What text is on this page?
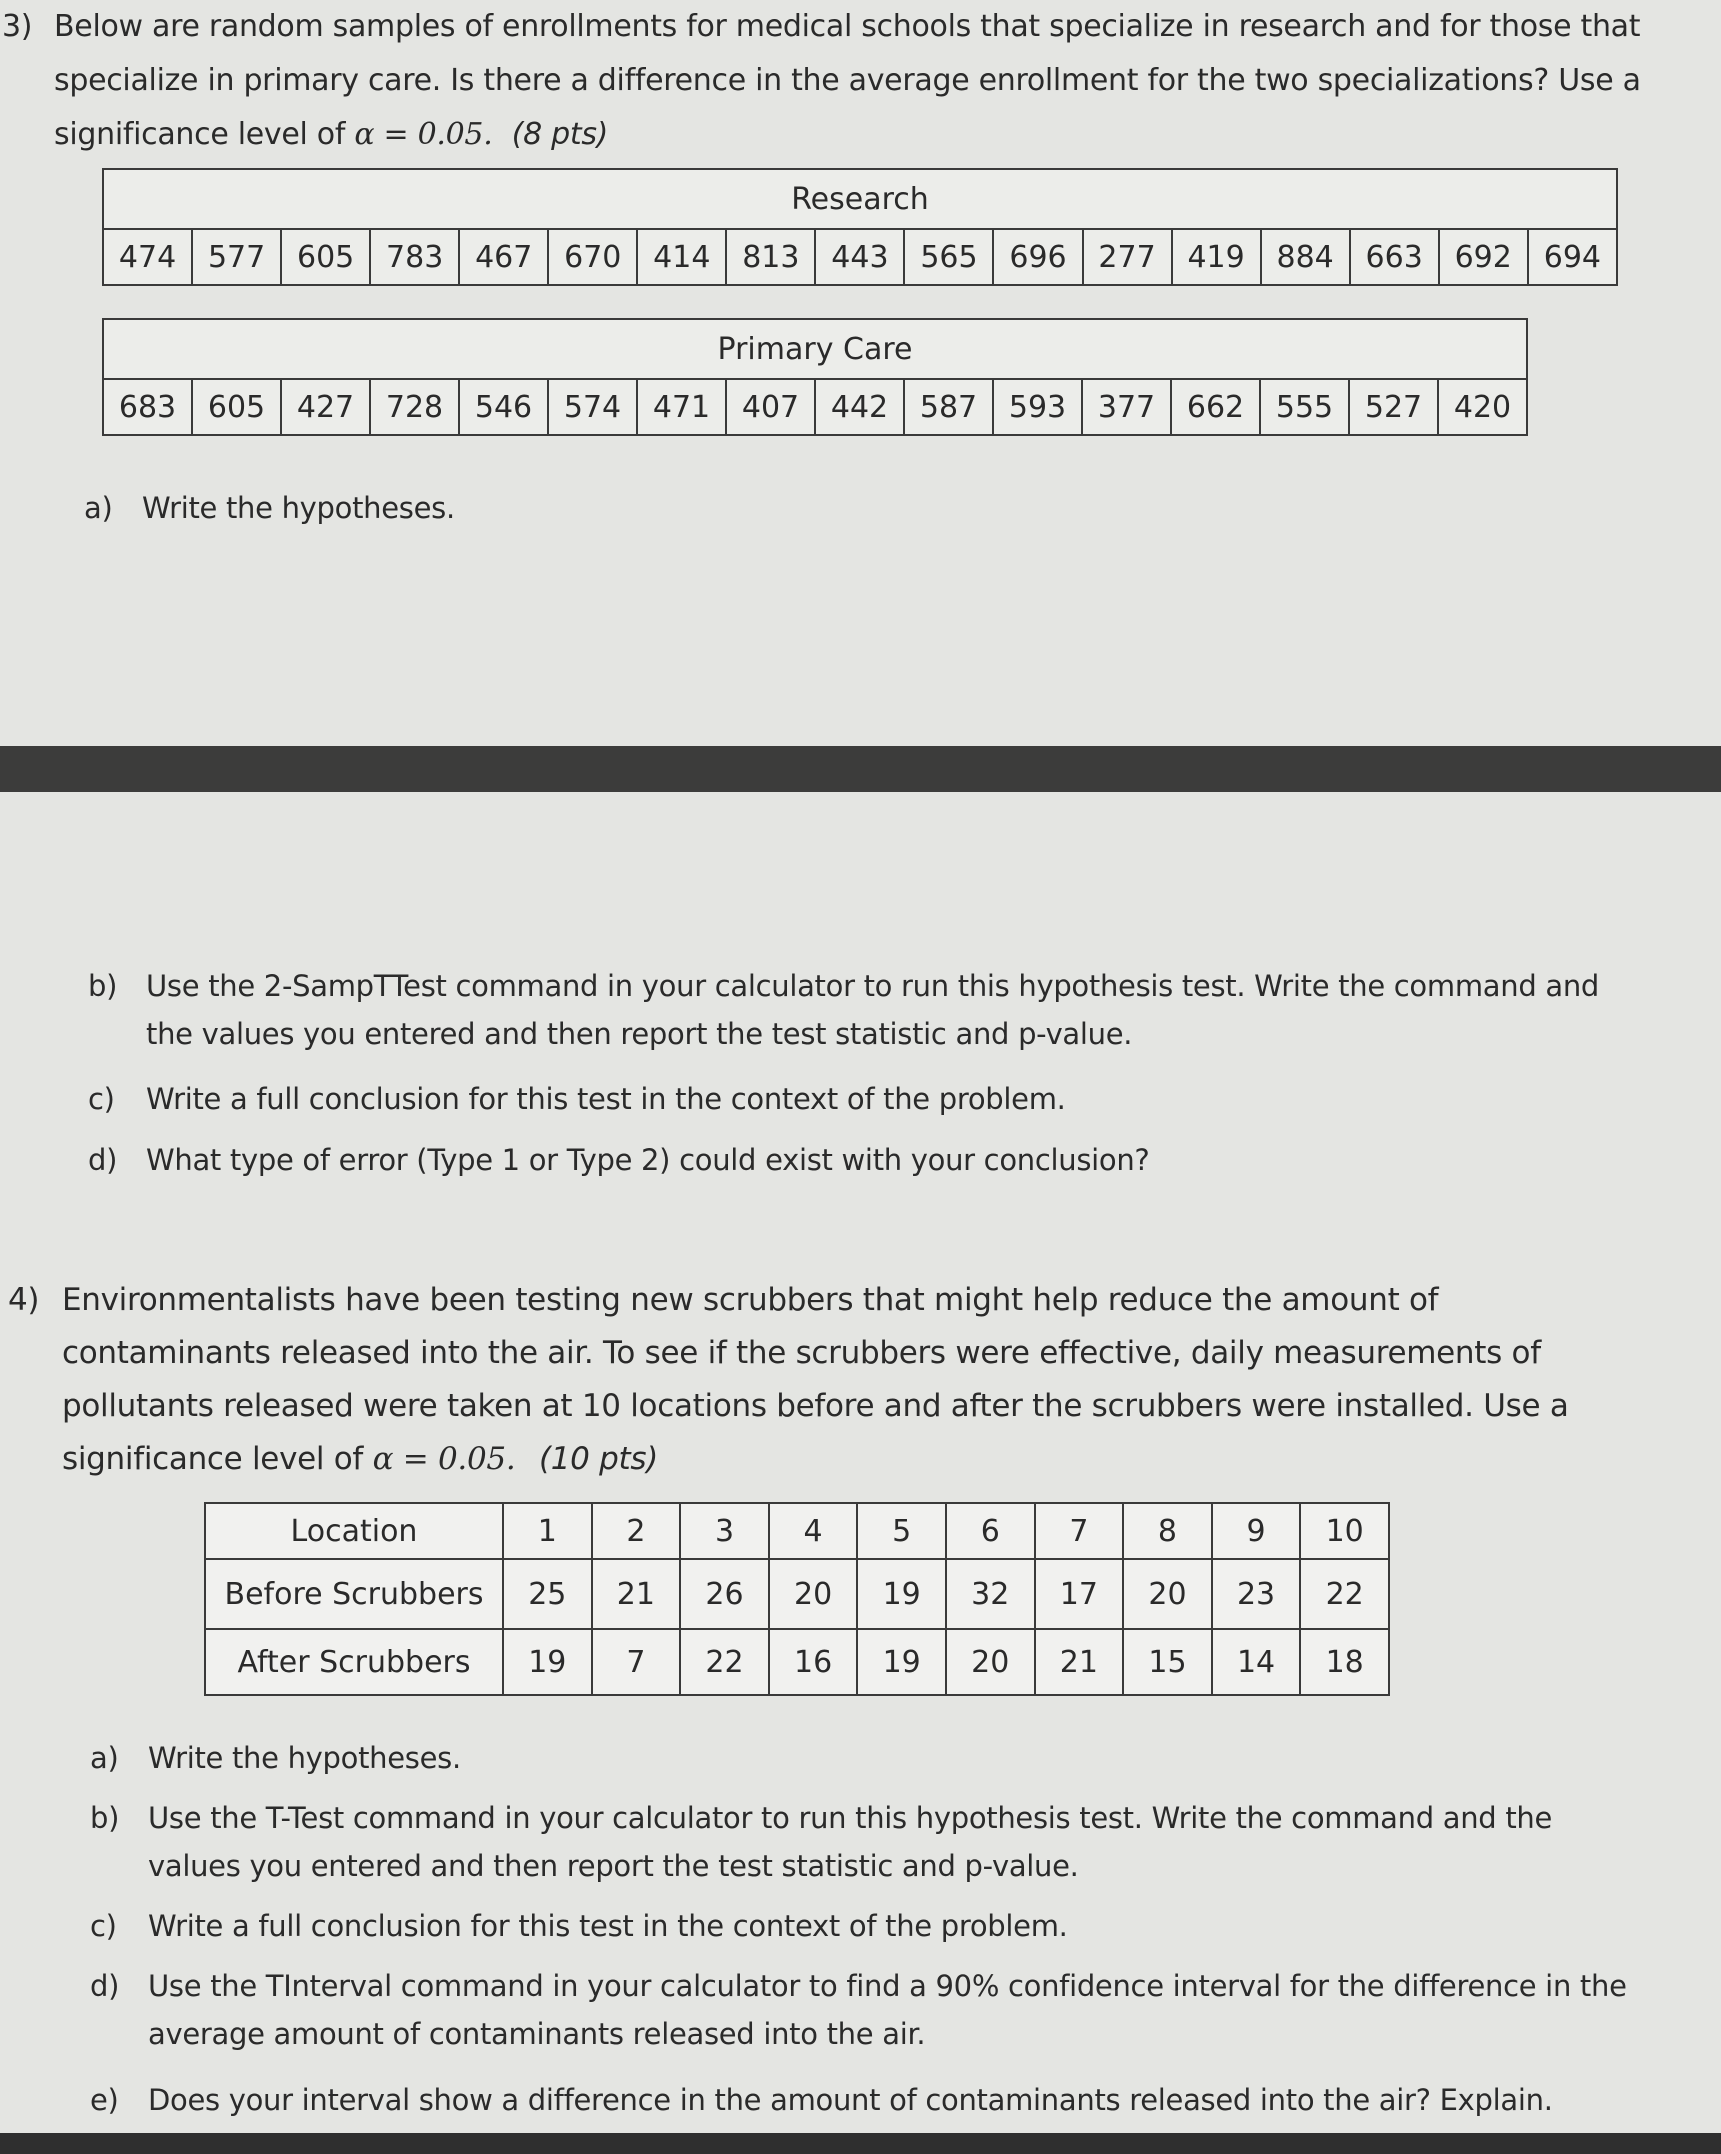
3) Below are random samples of enrollments for medical schools that specialize in research and for those that
specialize in primary care. Is there a difference in the average enrollment for the two specializations? Use a
significance level of α = 0.05. (8 pts)
Research
474	577	605	783	467	670	414	813	443	565	696	277	419	884	663	692	694
Primary Care
683	605	427	728	546	574	471	407	442	587	593	377	662	555	527	420
a) Write the hypotheses.
b) Use the 2-SampTTest command in your calculator to run this hypothesis test. Write the command and
the values you entered and then report the test statistic and p-value.
c) Write a full conclusion for this test in the context of the problem.
d) What type of error (Type 1 or Type 2) could exist with your conclusion?
4) Environmentalists have been testing new scrubbers that might help reduce the amount of
contaminants released into the air. To see if the scrubbers were effective, daily measurements of
pollutants released were taken at 10 locations before and after the scrubbers were installed. Use a
significance level of α = 0.05. (10 pts)
Location	1	2	3	4	5	6	7	8	9	10
Before Scrubbers	25	21	26	20	19	32	17	20	23	22
After Scrubbers	19	7	22	16	19	20	21	15	14	18
a) Write the hypotheses.
b) Use the T-Test command in your calculator to run this hypothesis test. Write the command and the
values you entered and then report the test statistic and p-value.
c) Write a full conclusion for this test in the context of the problem.
d) Use the TInterval command in your calculator to find a 90% confidence interval for the difference in the
average amount of contaminants released into the air.
e) Does your interval show a difference in the amount of contaminants released into the air? Explain.
